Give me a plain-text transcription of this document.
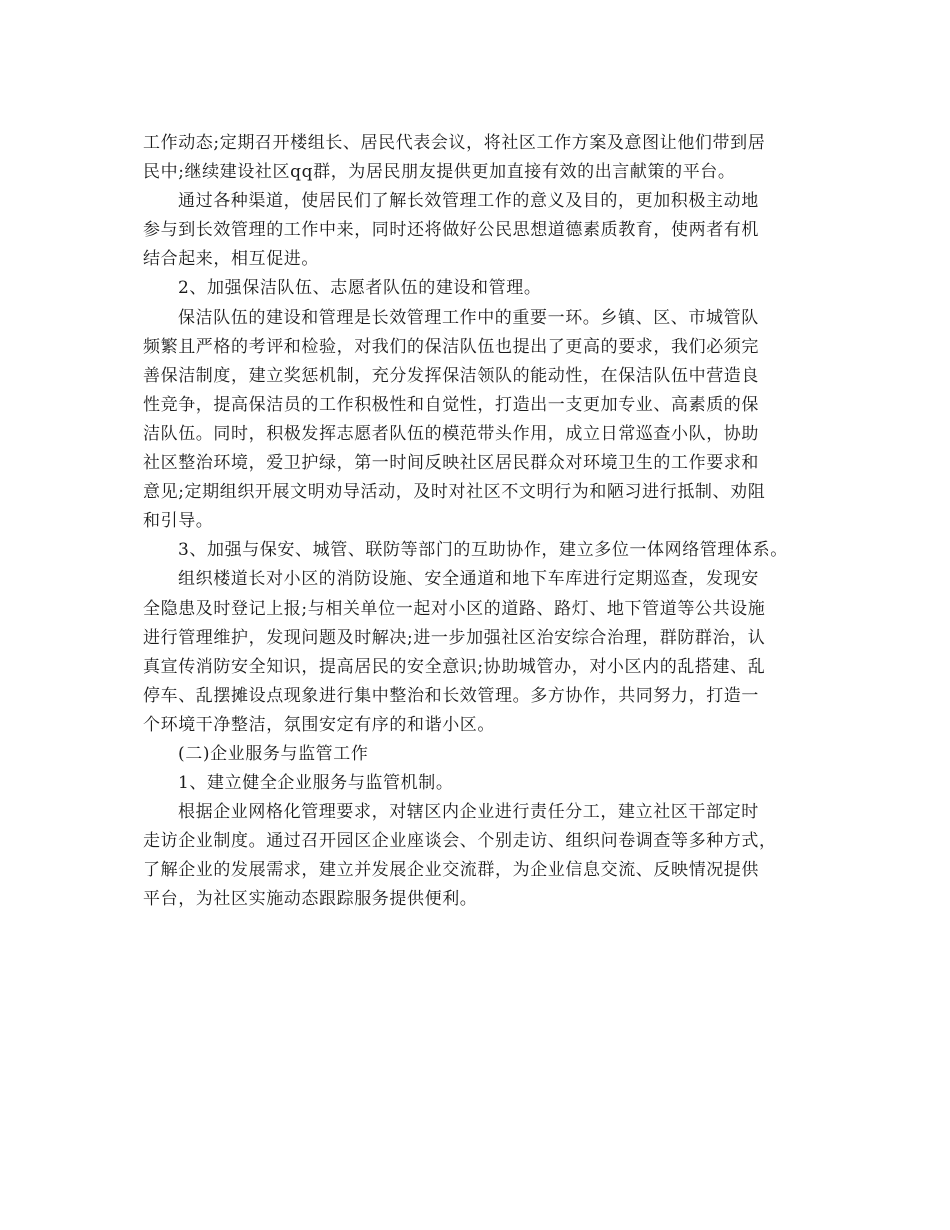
工作动态;定期召开楼组长、居民代表会议，将社区工作方案及意图让他们带到居
民中;继续建设社区qq群，为居民朋友提供更加直接有效的出言献策的平台。
通过各种渠道，使居民们了解长效管理工作的意义及目的，更加积极主动地
参与到长效管理的工作中来，同时还将做好公民思想道德素质教育，使两者有机
结合起来，相互促进。
2、加强保洁队伍、志愿者队伍的建设和管理。
保洁队伍的建设和管理是长效管理工作中的重要一环。乡镇、区、市城管队
频繁且严格的考评和检验，对我们的保洁队伍也提出了更高的要求，我们必须完
善保洁制度，建立奖惩机制，充分发挥保洁领队的能动性，在保洁队伍中营造良
性竞争，提高保洁员的工作积极性和自觉性，打造出一支更加专业、高素质的保
洁队伍。同时，积极发挥志愿者队伍的模范带头作用，成立日常巡查小队，协助
社区整治环境，爱卫护绿，第一时间反映社区居民群众对环境卫生的工作要求和
意见;定期组织开展文明劝导活动，及时对社区不文明行为和陋习进行抵制、劝阻
和引导。
3、加强与保安、城管、联防等部门的互助协作，建立多位一体网络管理体系。
组织楼道长对小区的消防设施、安全通道和地下车库进行定期巡查，发现安
全隐患及时登记上报;与相关单位一起对小区的道路、路灯、地下管道等公共设施
进行管理维护，发现问题及时解决;进一步加强社区治安综合治理，群防群治，认
真宣传消防安全知识，提高居民的安全意识;协助城管办，对小区内的乱搭建、乱
停车、乱摆摊设点现象进行集中整治和长效管理。多方协作，共同努力，打造一
个环境干净整洁，氛围安定有序的和谐小区。
(二)企业服务与监管工作
1、建立健全企业服务与监管机制。
根据企业网格化管理要求，对辖区内企业进行责任分工，建立社区干部定时
走访企业制度。通过召开园区企业座谈会、个别走访、组织问卷调查等多种方式，
了解企业的发展需求，建立并发展企业交流群，为企业信息交流、反映情况提供
平台，为社区实施动态跟踪服务提供便利。
